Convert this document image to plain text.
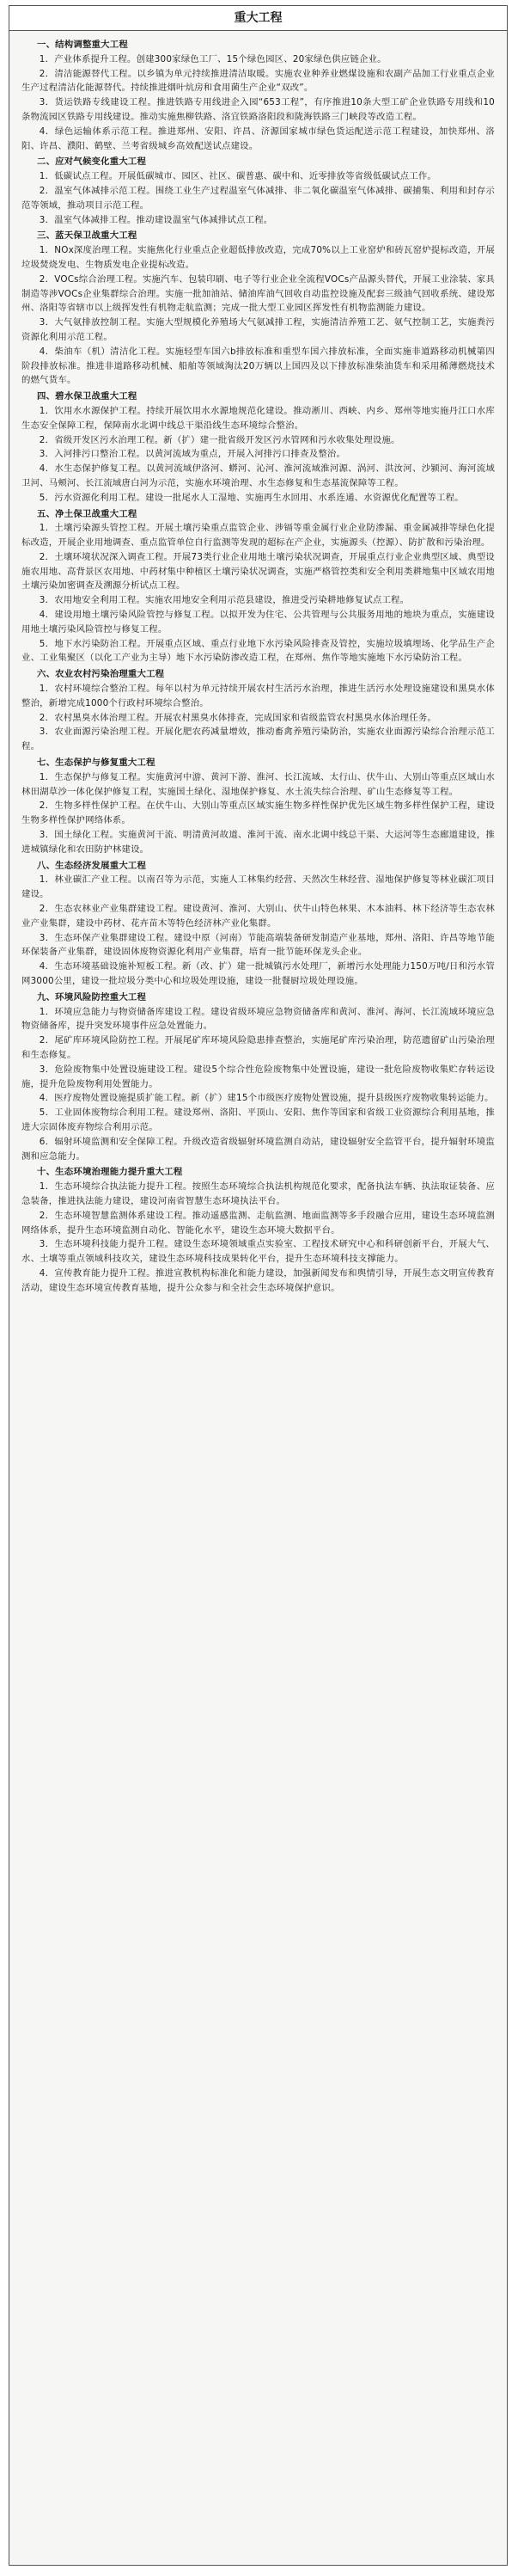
重大工程
一、结构调整重大工程
1．产业体系提升工程。创建300家绿色工厂、15个绿色园区、20家绿色供应链企业。
2．清洁能源替代工程。以乡镇为单元持续推进清洁取暖。实施农业种养业燃煤设施和农副产品加工行业重点企业生产过程清洁化能源替代。持续推进烟叶炕房和食用菌生产企业“双改”。
3．货运铁路专线建设工程。推进铁路专用线进企入园“653工程”，有序推进10条大型工矿企业铁路专用线和10条物流园区铁路专用线建设。推动实施焦柳铁路、洛宜铁路洛阳段和陇海铁路三门峡段等改造工程。
4．绿色运输体系示范工程。推进郑州、安阳、许昌、济源国家城市绿色货运配送示范工程建设，加快郑州、洛阳、许昌、濮阳、鹤壁、兰考省级城乡高效配送试点建设。
二、应对气候变化重大工程
1．低碳试点工程。开展低碳城市、园区、社区、碳普惠、碳中和、近零排放等省级低碳试点工作。
2．温室气体减排示范工程。围绕工业生产过程温室气体减排、非二氧化碳温室气体减排、碳捕集、利用和封存示范等领域，推动项目示范工程。
3．温室气体减排工程。推动建设温室气体减排试点工程。
三、蓝天保卫战重大工程
1．NOx深度治理工程。实施焦化行业重点企业超低排放改造，完成70%以上工业窑炉和砖瓦窑炉提标改造，开展垃圾焚烧发电、生物质发电企业提标改造。
2．VOCs综合治理工程。实施汽车、包装印刷、电子等行业企业全流程VOCs产品源头替代，开展工业涂装、家具制造等涉VOCs企业集群综合治理。实施一批加油站、储油库油气回收自动监控设施及配套三级油气回收系统、建设郑州、洛阳等省辖市以上级挥发性有机物走航监测；完成一批大型工业园区挥发性有机物监测能力建设。
3．大气氨排放控制工程。实施大型规模化养殖场大气氨减排工程，实施清洁养殖工艺、氨气控制工艺，实施粪污资源化利用示范工程。
4．柴油车（机）清洁化工程。实施轻型车国六b排放标准和重型车国六排放标准，全面实施非道路移动机械第四阶段排放标准。推进非道路移动机械、船舶等领域淘汰20万辆以上国四及以下排放标准柴油货车和采用稀薄燃烧技术的燃气货车。
四、碧水保卫战重大工程
1．饮用水水源保护工程。持续开展饮用水水源地规范化建设。推动淅川、西峡、内乡、郑州等地实施丹江口水库生态安全保障工程，保障南水北调中线总干渠沿线生态环境综合整治。
2．省级开发区污水治理工程。新（扩）建一批省级开发区污水管网和污水收集处理设施。
3．入河排污口整治工程。以黄河流域为重点，开展入河排污口排查及整治。
4．水生态保护修复工程。以黄河流域伊洛河、蟒河、沁河、淮河流域淮河源、涡河、洪汝河、沙颍河、海河流域卫河、马颊河、长江流域唐白河为示范，实施水环境治理、水生态修复和生态基流保障等工程。
5．污水资源化利用工程。建设一批尾水人工湿地、实施再生水回用、水系连通、水资源优化配置等工程。
五、净土保卫战重大工程
1．土壤污染源头管控工程。开展土壤污染重点监管企业、涉镉等重金属行业企业防渗漏、重金属减排等绿色化提标改造，开展企业用地调查、重点监管单位自行监测等发现的超标在产企业，实施源头（控源）、防扩散和污染治理。
2．土壤环境状况深入调查工程。开展73类行业企业用地土壤污染状况调查，开展重点行业企业典型区域、典型设施农用地、高背景区农用地、中药材集中种植区土壤污染状况调查，实施严格管控类和安全利用类耕地集中区域农用地土壤污染加密调查及溯源分析试点工程。
3．农用地安全利用工程。实施农用地安全利用示范县建设，推进受污染耕地修复试点工程。
4．建设用地土壤污染风险管控与修复工程。以拟开发为住宅、公共管理与公共服务用地的地块为重点，实施建设用地土壤污染风险管控与修复工程。
5．地下水污染防治工程。开展重点区域、重点行业地下水污染风险排查及管控，实施垃圾填埋场、化学品生产企业、工业集聚区（以化工产业为主导）地下水污染防渗改造工程，在郑州、焦作等地实施地下水污染防治工程。
六、农业农村污染治理重大工程
1．农村环境综合整治工程。每年以村为单元持续开展农村生活污水治理，推进生活污水处理设施建设和黑臭水体整治，新增完成1000个行政村环境综合整治。
2．农村黑臭水体治理工程。开展农村黑臭水体排查，完成国家和省级监管农村黑臭水体治理任务。
3．农业面源污染治理工程。开展化肥农药减量增效，推动畜禽养殖污染防治，实施农业面源污染综合治理示范工程。
七、生态保护与修复重大工程
1．生态保护与修复工程。实施黄河中游、黄河下游、淮河、长江流域、太行山、伏牛山、大别山等重点区域山水林田湖草沙一体化保护修复工程，实施国土绿化、湿地保护修复、水土流失综合治理、矿山生态修复等工程。
2．生物多样性保护工程。在伏牛山、大别山等重点区域实施生物多样性保护优先区域生物多样性保护工程，建设生物多样性保护网络体系。
3．国土绿化工程。实施黄河干流、明清黄河故道、淮河干流、南水北调中线总干渠、大运河等生态廊道建设，推进城镇绿化和农田防护林建设。
八、生态经济发展重大工程
1．林业碳汇产业工程。以南召等为示范，实施人工林集约经营、天然次生林经营、湿地保护修复等林业碳汇项目建设。
2．生态农林业产业集群建设工程。建设黄河、淮河、大别山、伏牛山特色林果、木本油料、林下经济等生态农林业产业集群，建设中药材、花卉苗木等特色经济林产业化集群。
3．生态环保产业集群建设工程。建设中原（河南）节能高端装备研发制造产业基地，郑州、洛阳、许昌等地节能环保装备产业集群，建设固体废物资源化利用产业集群，培育一批节能环保龙头企业。
4．生态环境基础设施补短板工程。新（改、扩）建一批城镇污水处理厂，新增污水处理能力150万吨/日和污水管网3000公里，建设一批垃圾分类中心和垃圾处理设施，建设一批餐厨垃圾处理设施。
九、环境风险防控重大工程
1．环境应急能力与物资储备库建设工程。建设省级环境应急物资储备库和黄河、淮河、海河、长江流域环境应急物资储备库，提升突发环境事件应急处置能力。
2．尾矿库环境风险防控工程。开展尾矿库环境风险隐患排查整治，实施尾矿库污染治理，防范遗留矿山污染治理和生态修复。
3．危险废物集中处置设施建设工程。建设5个综合性危险废物集中处置设施，建设一批危险废物收集贮存转运设施，提升危险废物利用处置能力。
4．医疗废物处置设施提质扩能工程。新（扩）建15个市级医疗废物处置设施，提升县级医疗废物收集转运能力。
5．工业固体废物综合利用工程。建设郑州、洛阳、平顶山、安阳、焦作等国家和省级工业资源综合利用基地，推进大宗固体废弃物综合利用示范。
6．辐射环境监测和安全保障工程。升级改造省级辐射环境监测自动站，建设辐射安全监管平台，提升辐射环境监测和应急能力。
十、生态环境治理能力提升重大工程
1．生态环境综合执法能力提升工程。按照生态环境综合执法机构规范化要求，配备执法车辆、执法取证装备、应急装备，推进执法能力建设，建设河南省智慧生态环境执法平台。
2．生态环境智慧监测体系建设工程。推动遥感监测、走航监测、地面监测等多手段融合应用，建设生态环境监测网络体系，提升生态环境监测自动化、智能化水平，建设生态环境大数据平台。
3．生态环境科技能力提升工程。建设生态环境领域重点实验室、工程技术研究中心和科研创新平台，开展大气、水、土壤等重点领域科技攻关，建设生态环境科技成果转化平台，提升生态环境科技支撑能力。
4．宣传教育能力提升工程。推进宣教机构标准化和能力建设，加强新闻发布和舆情引导，开展生态文明宣传教育活动，建设生态环境宣传教育基地，提升公众参与和全社会生态环境保护意识。
